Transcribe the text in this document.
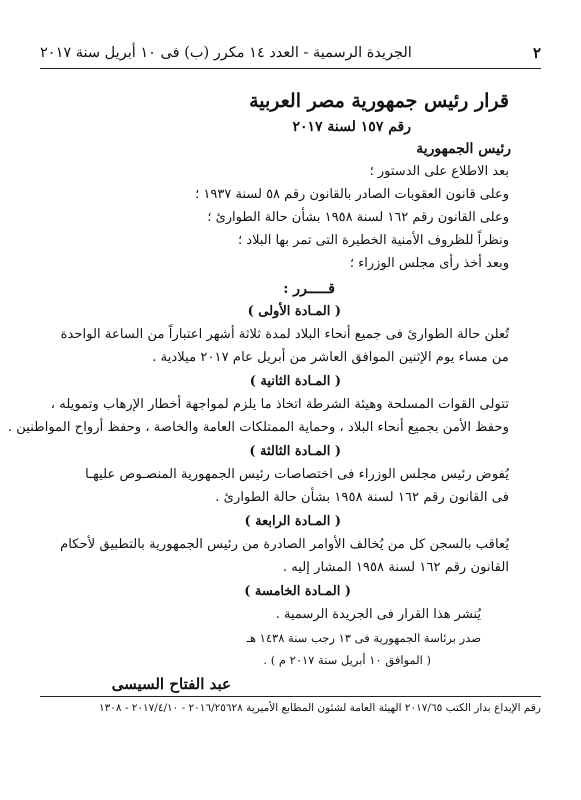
٢
الجريدة الرسمية - العدد ١٤ مكرر (ب) فى ١٠ أبريل سنة ٢٠١٧
قرار رئيس جمهورية مصر العربية
رقم ١٥٧ لسنة ٢٠١٧
رئيس الجمهورية
بعد الاطلاع على الدستور ؛
وعلى قانون العقوبات الصادر بالقانون رقم ٥٨ لسنة ١٩٣٧ ؛
وعلى القانون رقم ١٦٢ لسنة ١٩٥٨ بشأن حالة الطوارئ ؛
ونظراً للظروف الأمنية الخطيرة التى تمر بها البلاد ؛
وبعد أخذ رأى مجلس الوزراء ؛
قـــــرر :
( المـادة الأولى )
تُعلن حالة الطوارئ فى جميع أنحاء البلاد لمدة ثلاثة أشهر اعتباراً من الساعة الواحدة
من مساء يوم الإثنين الموافق العاشر من أبريل عام ٢٠١٧ ميلادية .
( المـادة الثانية )
تتولى القوات المسلحة وهيئة الشرطة اتخاذ ما يلزم لمواجهة أخطار الإرهاب وتمويله ،
وحفظ الأمن بجميع أنحاء البلاد ، وحماية الممتلكات العامة والخاصة ، وحفظ أرواح المواطنين .
( المـادة الثالثة )
يُفوض رئيس مجلس الوزراء فى اختصاصات رئيس الجمهورية المنصـوص عليهـا
فى القانون رقم ١٦٢ لسنة ١٩٥٨ بشأن حالة الطوارئ .
( المـادة الرابعة )
يُعاقب بالسجن كل من يُخالف الأوامر الصادرة من رئيس الجمهورية بالتطبيق لأحكام
القانون رقم ١٦٢ لسنة ١٩٥٨ المشار إليه .
( المـادة الخامسة )
يُنشر هذا القرار فى الجريدة الرسمية .
صدر برئاسة الجمهورية فى ١٣ رجب سنة ١٤٣٨ هـ
( الموافق ١٠ أبريل سنة ٢٠١٧ م ) .
عبد الفتاح السيسى
رقم الإيداع بدار الكتب ٢٠١٧/٦٥ الهيئة العامة لشئون المطابع الأميرية ٢٠١٦/٢٥٦٢٨ - ٢٠١٧/٤/١٠ - ١٣٠٨
